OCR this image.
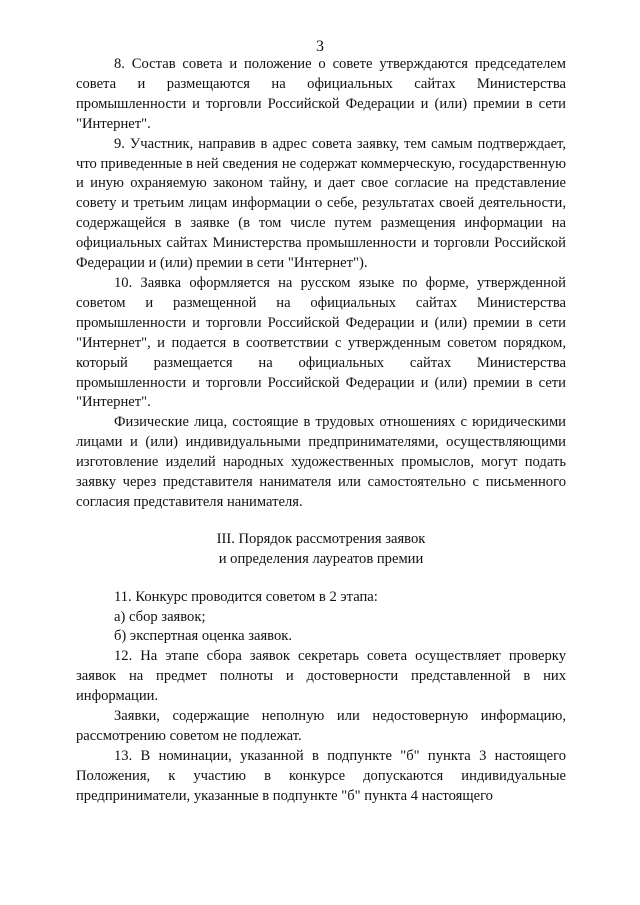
3

8. Состав совета и положение о совете утверждаются председателем совета и размещаются на официальных сайтах Министерства промышленности и торговли Российской Федерации и (или) премии в сети "Интернет".

9. Участник, направив в адрес совета заявку, тем самым подтверждает, что приведенные в ней сведения не содержат коммерческую, государственную и иную охраняемую законом тайну, и дает свое согласие на представление совету и третьим лицам информации о себе, результатах своей деятельности, содержащейся в заявке (в том числе путем размещения информации на официальных сайтах Министерства промышленности и торговли Российской Федерации и (или) премии в сети "Интернет").

10. Заявка оформляется на русском языке по форме, утвержденной советом и размещенной на официальных сайтах Министерства промышленности и торговли Российской Федерации и (или) премии в сети "Интернет", и подается в соответствии с утвержденным советом порядком, который размещается на официальных сайтах Министерства промышленности и торговли Российской Федерации и (или) премии в сети "Интернет".

Физические лица, состоящие в трудовых отношениях с юридическими лицами и (или) индивидуальными предпринимателями, осуществляющими изготовление изделий народных художественных промыслов, могут подать заявку через представителя нанимателя или самостоятельно с письменного согласия представителя нанимателя.

III. Порядок рассмотрения заявок
и определения лауреатов премии

11. Конкурс проводится советом в 2 этапа:

а) сбор заявок;

б) экспертная оценка заявок.

12. На этапе сбора заявок секретарь совета осуществляет проверку заявок на предмет полноты и достоверности представленной в них информации.

Заявки, содержащие неполную или недостоверную информацию, рассмотрению советом не подлежат.

13. В номинации, указанной в подпункте "б" пункта 3 настоящего Положения, к участию в конкурсе допускаются индивидуальные предприниматели, указанные в подпункте "б" пункта 4 настоящего
